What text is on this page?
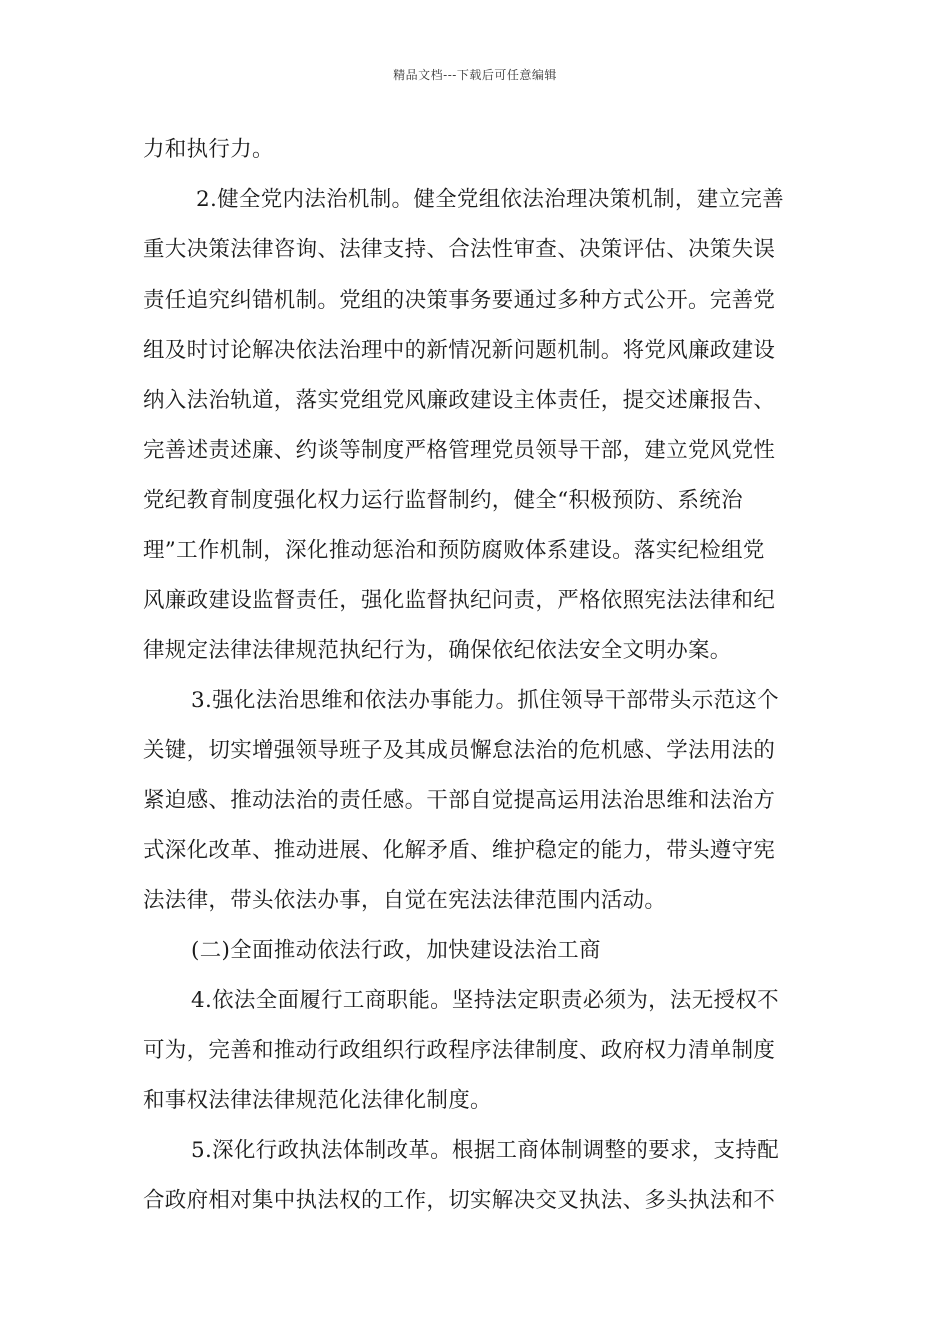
精品文档---下载后可任意编辑
力和执行力。
2.健全党内法治机制。健全党组依法治理决策机制，建立完善
重大决策法律咨询、法律支持、合法性审查、决策评估、决策失误
责任追究纠错机制。党组的决策事务要通过多种方式公开。完善党
组及时讨论解决依法治理中的新情况新问题机制。将党风廉政建设
纳入法治轨道，落实党组党风廉政建设主体责任，提交述廉报告、
完善述责述廉、约谈等制度严格管理党员领导干部，建立党风党性
党纪教育制度强化权力运行监督制约，健全“积极预防、系统治
理”工作机制，深化推动惩治和预防腐败体系建设。落实纪检组党
风廉政建设监督责任，强化监督执纪问责，严格依照宪法法律和纪
律规定法律法律规范执纪行为，确保依纪依法安全文明办案。
3.强化法治思维和依法办事能力。抓住领导干部带头示范这个
关键，切实增强领导班子及其成员懈怠法治的危机感、学法用法的
紧迫感、推动法治的责任感。干部自觉提高运用法治思维和法治方
式深化改革、推动进展、化解矛盾、维护稳定的能力，带头遵守宪
法法律，带头依法办事，自觉在宪法法律范围内活动。
(二)全面推动依法行政，加快建设法治工商
4.依法全面履行工商职能。坚持法定职责必须为，法无授权不
可为，完善和推动行政组织行政程序法律制度、政府权力清单制度
和事权法律法律规范化法律化制度。
5.深化行政执法体制改革。根据工商体制调整的要求，支持配
合政府相对集中执法权的工作，切实解决交叉执法、多头执法和不
